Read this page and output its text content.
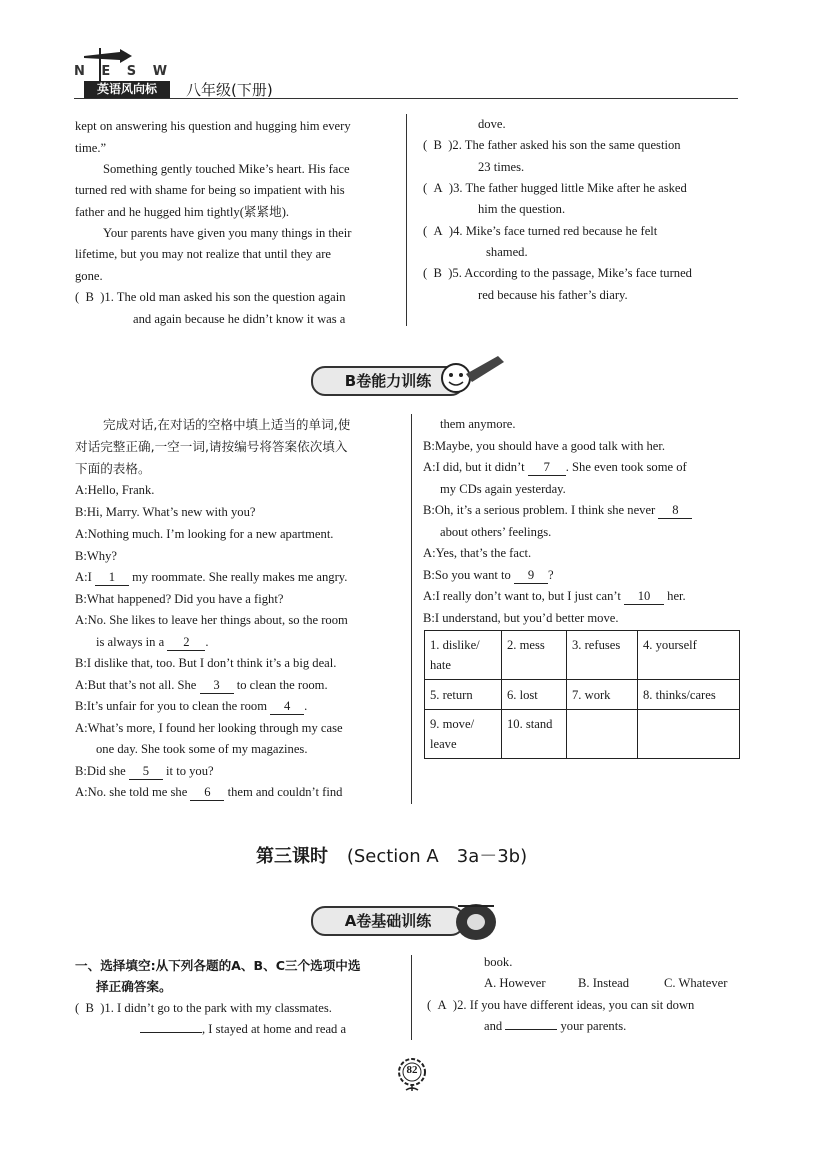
N E S W
英语风向标	八年级(下册)
kept on answering his question and hugging him every
time.”
Something gently touched Mike’s heart. His face
turned red with shame for being so impatient with his
father and he hugged him tightly(紧紧地).
Your parents have given you many things in their
lifetime, but you may not realize that until they are
gone.
(  B )1. The old man asked his son the question again
and again because he didn’t know it was a
dove.
(  B )2. The father asked his son the same question
23 times.
(  A )3. The father hugged little Mike after he asked
him the question.
(  A )4. Mike’s face turned red because he felt
shamed.
(  B )5. According to the passage, Mike’s face turned
red because his father’s diary.
B卷能力训练
完成对话,在对话的空格中填上适当的单词,使
对话完整正确,一空一词,请按编号将答案依次填入
下面的表格。
A:Hello, Frank.
B:Hi, Marry. What’s new with you?
A:Nothing much. I’m looking for a new apartment.
B:Why?
A:I 1 my roommate. She really makes me angry.
B:What happened? Did you have a fight?
A:No. She likes to leave her things about, so the room
is always in a 2 .
B:I dislike that, too. But I don’t think it’s a big deal.
A:But that’s not all. She 3 to clean the room.
B:It’s unfair for you to clean the room 4 .
A:What’s more, I found her looking through my case
one day. She took some of my magazines.
B:Did she 5 it to you?
A:No. she told me she 6 them and couldn’t find
them anymore.
B:Maybe, you should have a good talk with her.
A:I did, but it didn’t 7 . She even took some of
my CDs again yesterday.
B:Oh, it’s a serious problem. I think she never 8
about others’ feelings.
A:Yes, that’s the fact.
B:So you want to 9 ?
A:I really don’t want to, but I just can’t 10 her.
B:I understand, but you’d better move.
1. dislike/ hate	2. mess	3. refuses	4. yourself
5. return	6. lost	7. work	8. thinks/cares
9. move/ leave	10. stand		
第三课时 (Section A　3a－3b)
A卷基础训练
一、选择填空:从下列各题的A、B、C三个选项中选
择正确答案。
(  B )1. I didn’t go to the park with my classmates.
, I stayed at home and read a
book.
A. However	B. Instead	C. Whatever
(  A )2. If you have different ideas, you can sit down
and	your parents.
82
